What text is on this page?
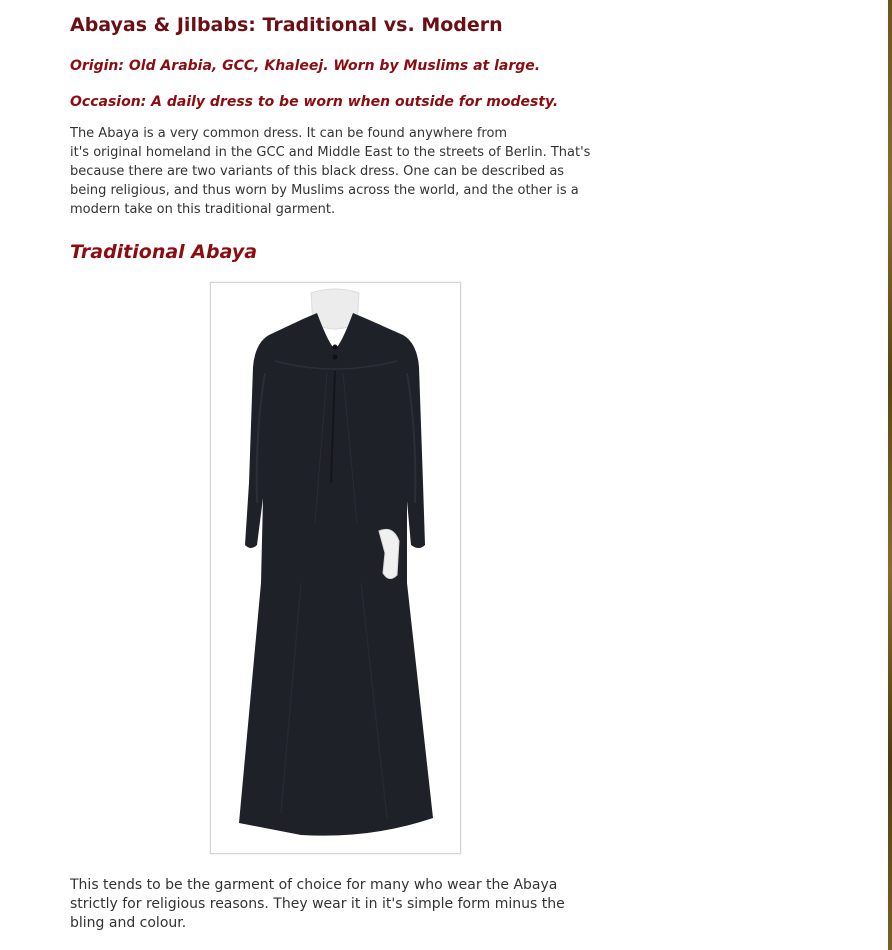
Abayas & Jilbabs: Traditional vs. Modern

Origin: Old Arabia, GCC, Khaleej. Worn by Muslims at large.

Occasion: A daily dress to be worn when outside for modesty.

The Abaya is a very common dress. It can be found anywhere from
it's original homeland in the GCC and Middle East to the streets of Berlin. That's
because there are two variants of this black dress. One can be described as
being religious, and thus worn by Muslims across the world, and the other is a
modern take on this traditional garment.

Traditional Abaya

This tends to be the garment of choice for many who wear the Abaya
strictly for religious reasons. They wear it in it's simple form minus the
bling and colour.
